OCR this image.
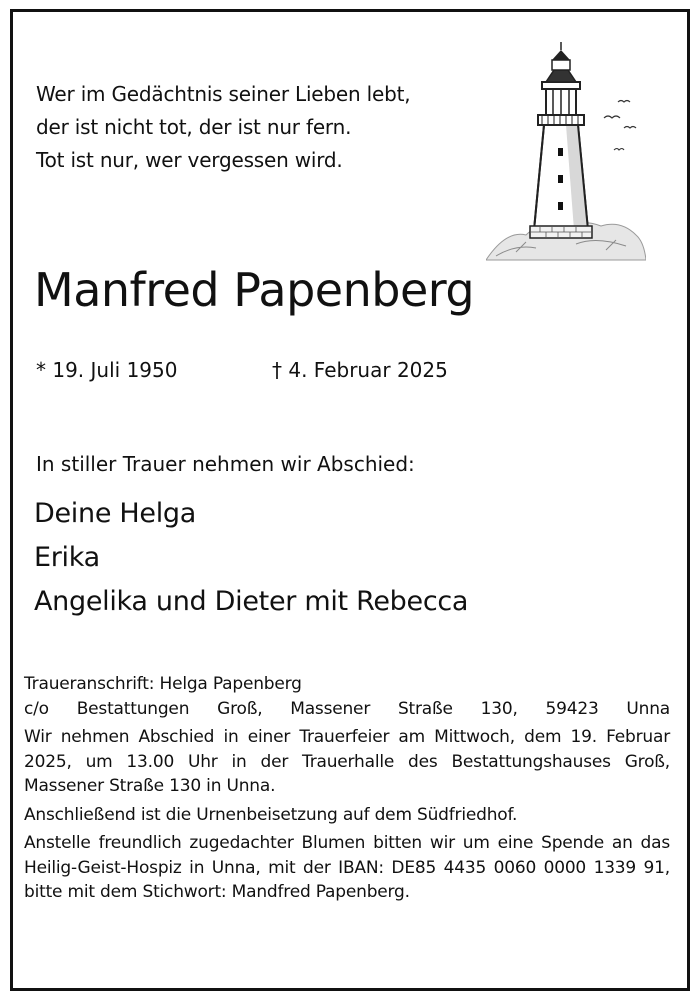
Wer im Gedächtnis seiner Lieben lebt,
der ist nicht tot, der ist nur fern.
Tot ist nur, wer vergessen wird.
Manfred Papenberg
* 19. Juli 1950	† 4. Februar 2025
In stiller Trauer nehmen wir Abschied:
Deine Helga
Erika
Angelika und Dieter mit Rebecca
Traueranschrift: Helga Papenberg
c/o Bestattungen Groß, Massener Straße 130, 59423 Unna
Wir nehmen Abschied in einer Trauerfeier am Mittwoch, dem 19. Februar 2025, um 13.00 Uhr in der Trauerhalle des Bestattungshauses Groß, Massener Straße 130 in Unna.
Anschließend ist die Urnenbeisetzung auf dem Südfriedhof.
Anstelle freundlich zugedachter Blumen bitten wir um eine Spende an das Heilig-Geist-Hospiz in Unna, mit der IBAN: DE85 4435 0060 0000 1339 91, bitte mit dem Stichwort: Mandfred Papenberg.
